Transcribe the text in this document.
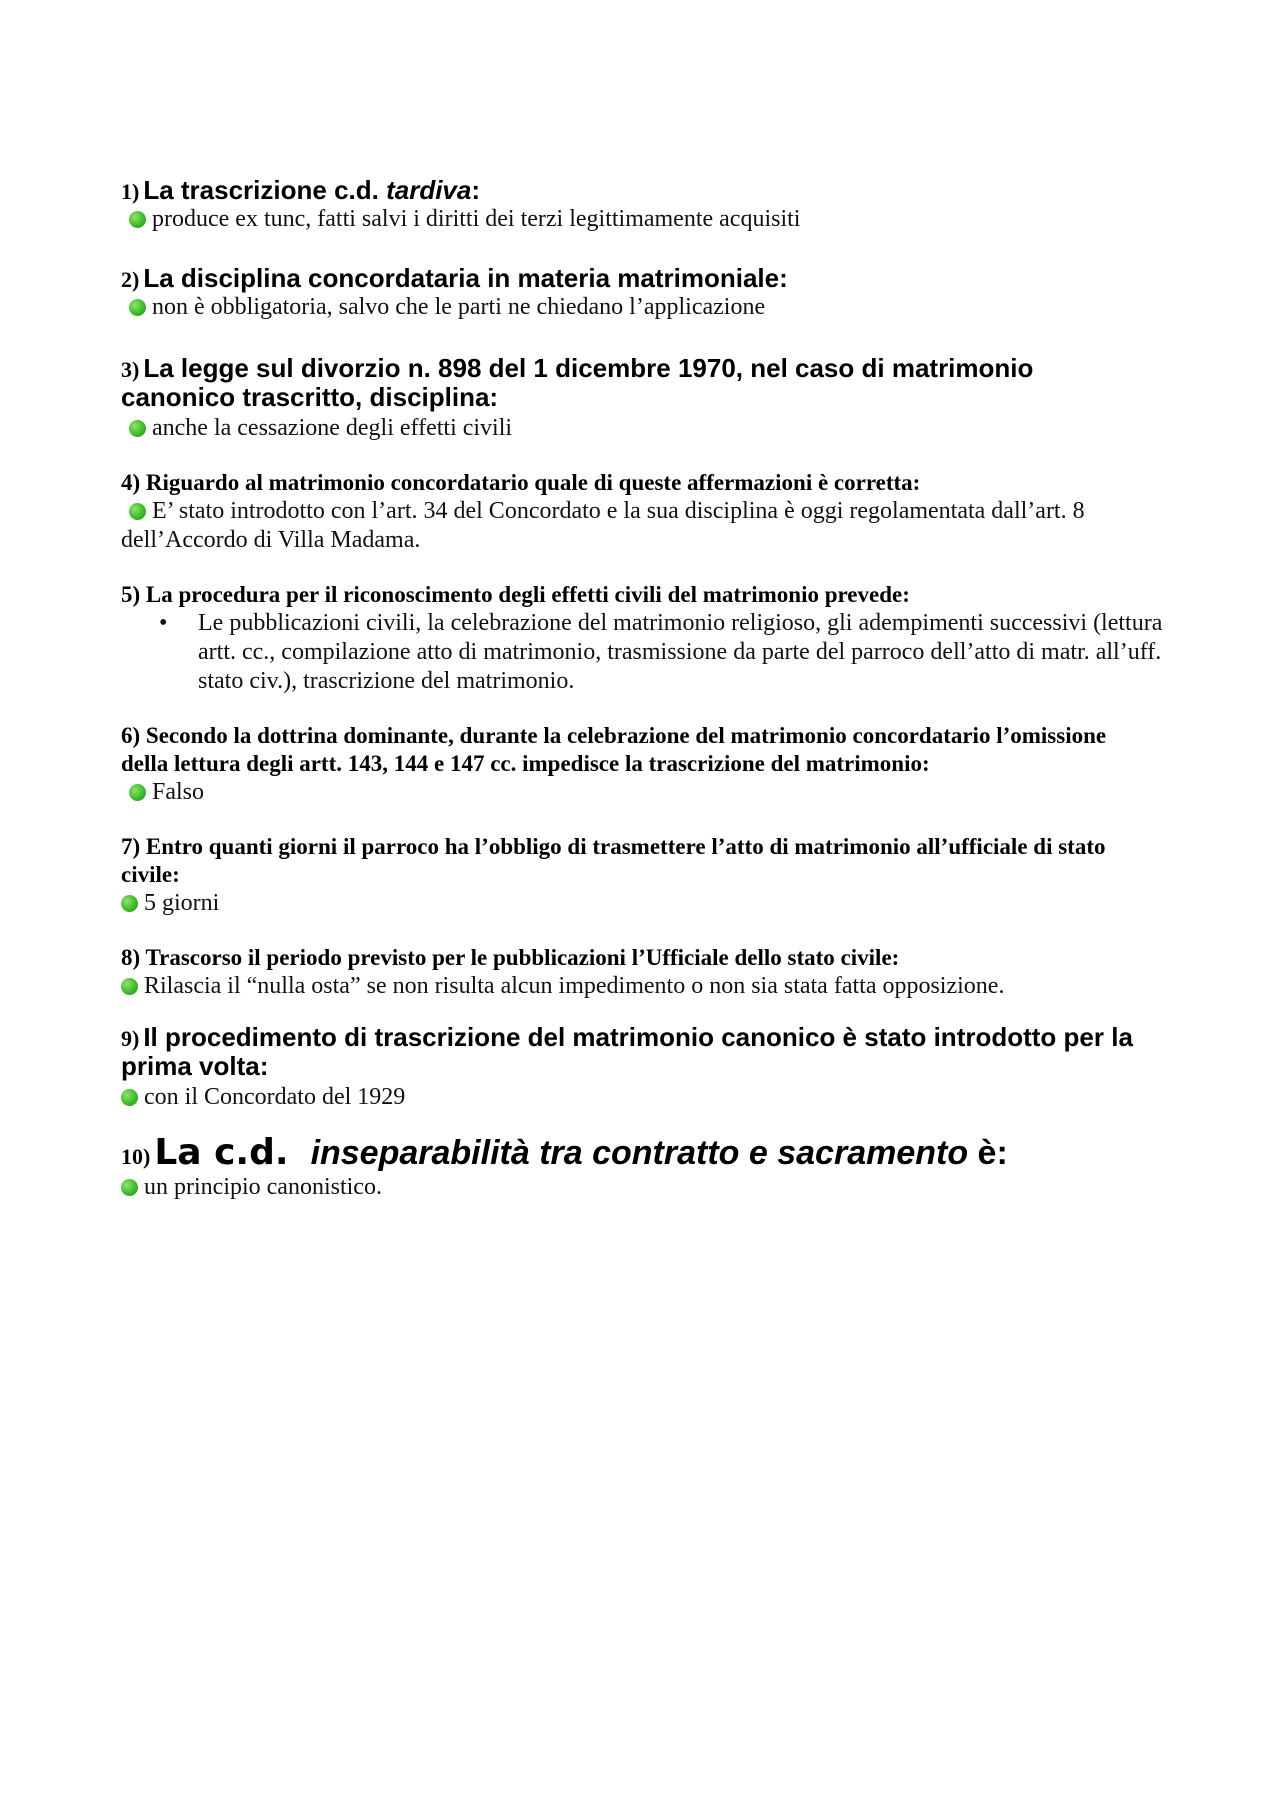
1) La trascrizione c.d. tardiva:
produce ex tunc, fatti salvi i diritti dei terzi legittimamente acquisiti
2) La disciplina concordataria in materia matrimoniale:
non è obbligatoria, salvo che le parti ne chiedano l’applicazione
3) La legge sul divorzio n. 898 del 1 dicembre 1970, nel caso di matrimonio canonico trascritto, disciplina:
anche la cessazione degli effetti civili
4) Riguardo al matrimonio concordatario quale di queste affermazioni è corretta:
E’ stato introdotto con l’art. 34 del Concordato e la sua disciplina è oggi regolamentata dall’art. 8 dell’Accordo di Villa Madama.
5) La procedura per il riconoscimento degli effetti civili del matrimonio prevede:
• Le pubblicazioni civili, la celebrazione del matrimonio religioso, gli adempimenti successivi (lettura artt. cc., compilazione atto di matrimonio, trasmissione da parte del parroco dell’atto di matr. all’uff. stato civ.), trascrizione del matrimonio.
6) Secondo la dottrina dominante, durante la celebrazione del matrimonio concordatario l’omissione della lettura degli artt. 143, 144 e 147 cc. impedisce la trascrizione del matrimonio:
Falso
7) Entro quanti giorni il parroco ha l’obbligo di trasmettere l’atto di matrimonio all’ufficiale di stato civile:
5 giorni
8) Trascorso il periodo previsto per le pubblicazioni l’Ufficiale dello stato civile:
Rilascia il “nulla osta” se non risulta alcun impedimento o non sia stata fatta opposizione.
9) Il procedimento di trascrizione del matrimonio canonico è stato introdotto per la prima volta:
con il Concordato del 1929
10) La c.d. inseparabilità tra contratto e sacramento è:
un principio canonistico.
